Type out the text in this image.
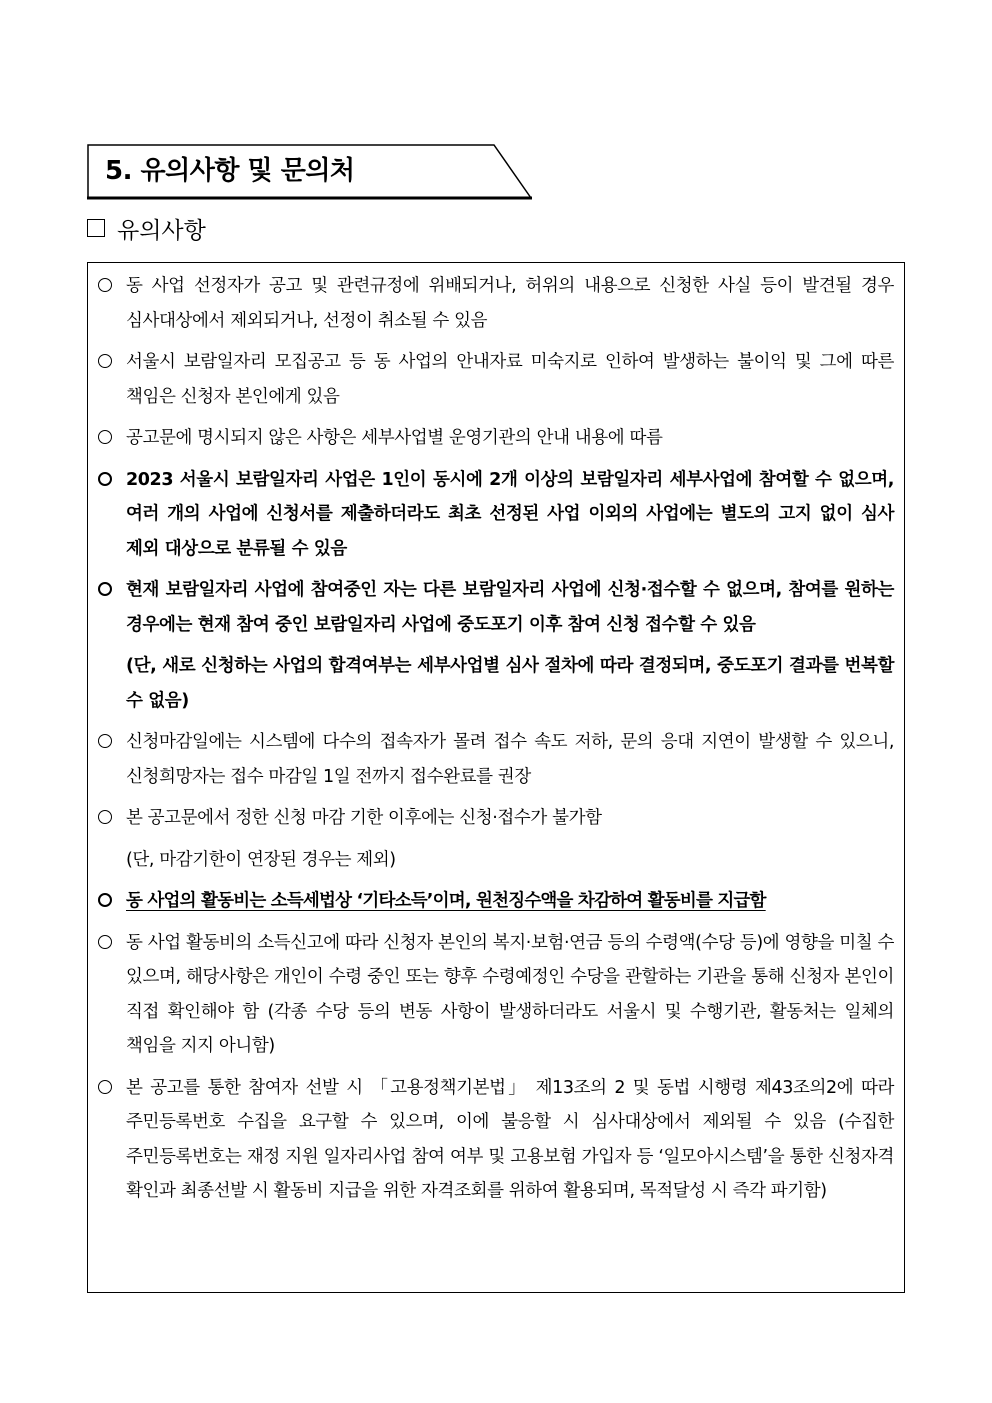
5. 유의사항 및 문의처
유의사항
동 사업 선정자가 공고 및 관련규정에 위배되거나, 허위의 내용으로 신청한 사실 등이 발견될 경우 심사대상에서 제외되거나, 선정이 취소될 수 있음
서울시 보람일자리 모집공고 등 동 사업의 안내자료 미숙지로 인하여 발생하는 불이익 및 그에 따른 책임은 신청자 본인에게 있음
공고문에 명시되지 않은 사항은 세부사업별 운영기관의 안내 내용에 따름
2023 서울시 보람일자리 사업은 1인이 동시에 2개 이상의 보람일자리 세부사업에 참여할 수 없으며, 여러 개의 사업에 신청서를 제출하더라도 최초 선정된 사업 이외의 사업에는 별도의 고지 없이 심사 제외 대상으로 분류될 수 있음
현재 보람일자리 사업에 참여중인 자는 다른 보람일자리 사업에 신청·접수할 수 없으며, 참여를 원하는 경우에는 현재 참여 중인 보람일자리 사업에 중도포기 이후 참여 신청 접수할 수 있음
(단, 새로 신청하는 사업의 합격여부는 세부사업별 심사 절차에 따라 결정되며, 중도포기 결과를 번복할 수 없음)
신청마감일에는 시스템에 다수의 접속자가 몰려 접수 속도 저하, 문의 응대 지연이 발생할 수 있으니, 신청희망자는 접수 마감일 1일 전까지 접수완료를 권장
본 공고문에서 정한 신청 마감 기한 이후에는 신청·접수가 불가함
(단, 마감기한이 연장된 경우는 제외)
동 사업의 활동비는 소득세법상 ‘기타소득’이며, 원천징수액을 차감하여 활동비를 지급함
동 사업 활동비의 소득신고에 따라 신청자 본인의 복지·보험·연금 등의 수령액(수당 등)에 영향을 미칠 수 있으며, 해당사항은 개인이 수령 중인 또는 향후 수령예정인 수당을 관할하는 기관을 통해 신청자 본인이 직접 확인해야 함 (각종 수당 등의 변동 사항이 발생하더라도 서울시 및 수행기관, 활동처는 일체의 책임을 지지 아니함)
본 공고를 통한 참여자 선발 시 「고용정책기본법」 제13조의 2 및 동법 시행령 제43조의2에 따라 주민등록번호 수집을 요구할 수 있으며, 이에 불응할 시 심사대상에서 제외될 수 있음 (수집한 주민등록번호는 재정 지원 일자리사업 참여 여부 및 고용보험 가입자 등 ‘일모아시스템’을 통한 신청자격 확인과 최종선발 시 활동비 지급을 위한 자격조회를 위하여 활용되며, 목적달성 시 즉각 파기함)
